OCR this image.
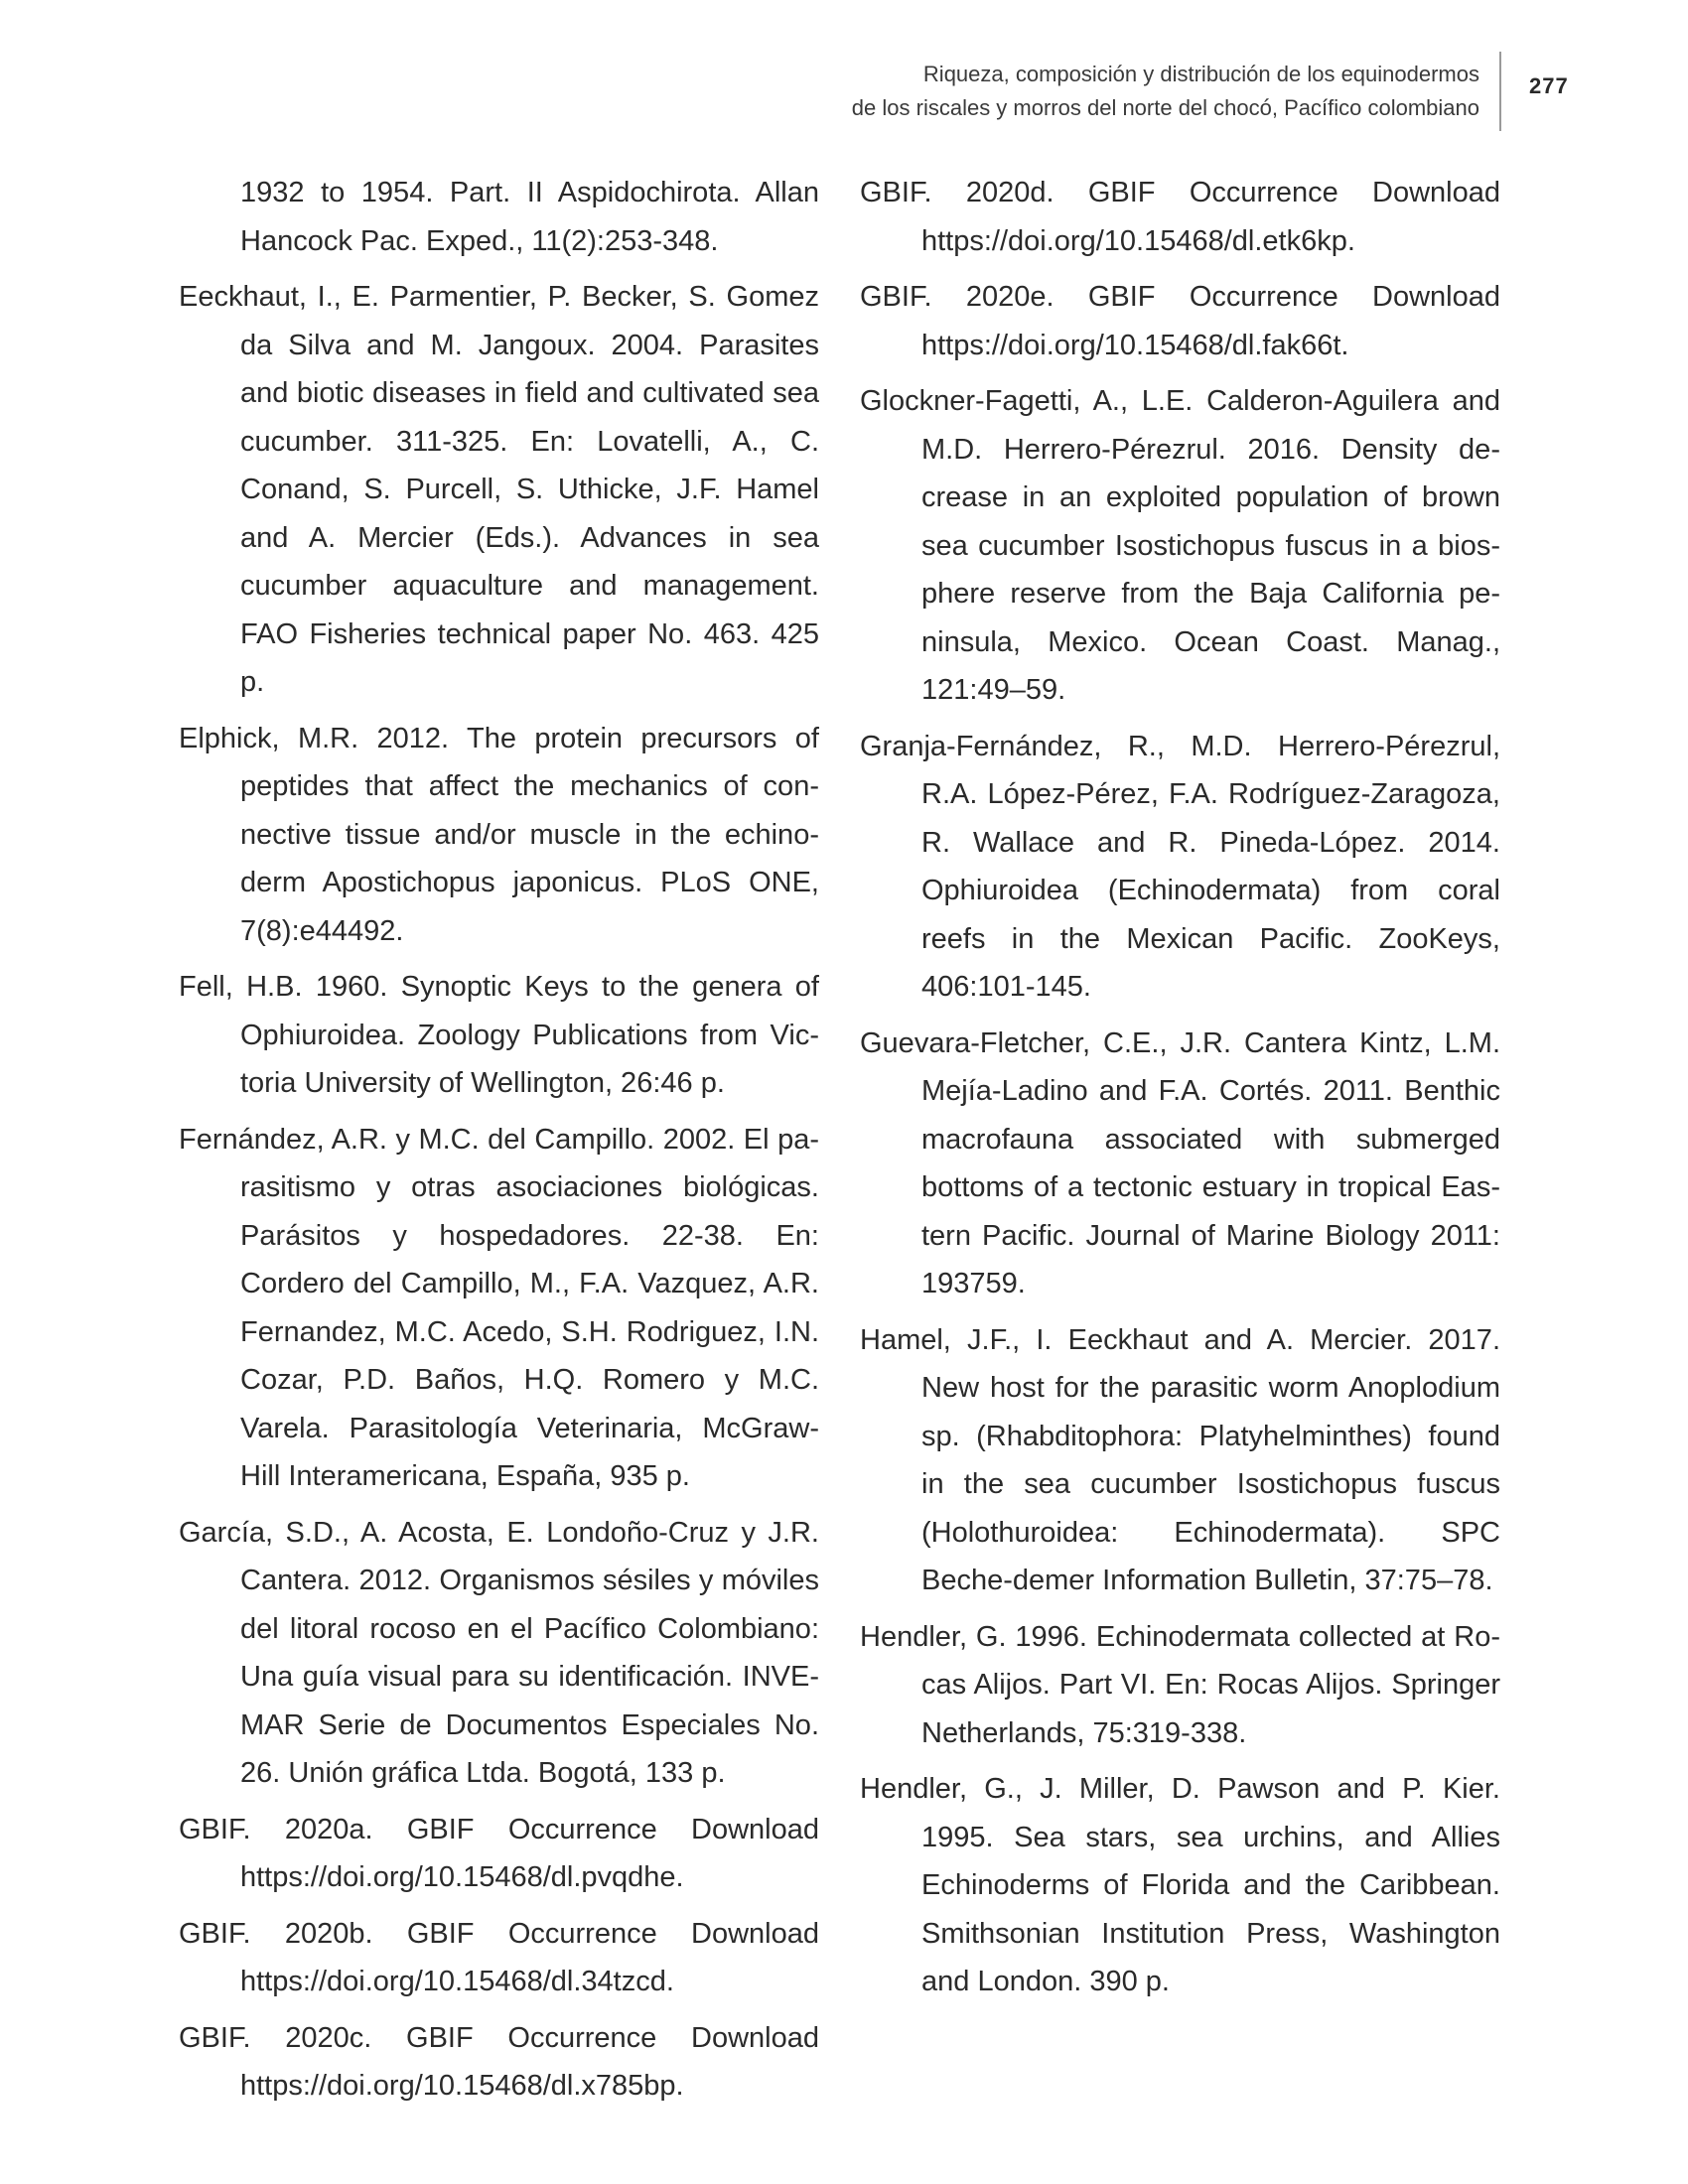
Riqueza, composición y distribución de los equinodermos
de los riscales y morros del norte del chocó, Pacífico colombiano
277

1932 to 1954. Part. II Aspidochirota. Allan Hancock Pac. Exped., 11(2):253-348.

Eeckhaut, I., E. Parmentier, P. Becker, S. Gomez da Silva and M. Jangoux. 2004. Parasites and biotic diseases in field and cultivated sea cucumber. 311-325. En: Lovatelli, A., C. Conand, S. Purcell, S. Uthicke, J.F. Hamel and A. Mercier (Eds.). Advances in sea cucumber aquaculture and management. FAO Fisheries technical paper No. 463. 425 p.

Elphick, M.R. 2012. The protein precursors of peptides that affect the mechanics of connective tissue and/or muscle in the echinoderm Apostichopus japonicus. PLoS ONE, 7(8):e44492.

Fell, H.B. 1960. Synoptic Keys to the genera of Ophiuroidea. Zoology Publications from Victoria University of Wellington, 26:46 p.

Fernández, A.R. y M.C. del Campillo. 2002. El parasitismo y otras asociaciones biológicas. Parásitos y hospedadores. 22-38. En: Cordero del Campillo, M., F.A. Vazquez, A.R. Fernandez, M.C. Acedo, S.H. Rodriguez, I.N. Cozar, P.D. Baños, H.Q. Romero y M.C. Varela. Parasitología Veterinaria, McGraw-Hill Interamericana, España, 935 p.

García, S.D., A. Acosta, E. Londoño-Cruz y J.R. Cantera. 2012. Organismos sésiles y móviles del litoral rocoso en el Pacífico Colombiano: Una guía visual para su identificación. INVEMAR Serie de Documentos Especiales No. 26. Unión gráfica Ltda. Bogotá, 133 p.

GBIF. 2020a. GBIF Occurrence Download https://doi.org/10.15468/dl.pvqdhe.

GBIF. 2020b. GBIF Occurrence Download https://doi.org/10.15468/dl.34tzcd.

GBIF. 2020c. GBIF Occurrence Download https://doi.org/10.15468/dl.x785bp.

GBIF. 2020d. GBIF Occurrence Download https://doi.org/10.15468/dl.etk6kp.

GBIF. 2020e. GBIF Occurrence Download https://doi.org/10.15468/dl.fak66t.

Glockner-Fagetti, A., L.E. Calderon-Aguilera and M.D. Herrero-Pérezrul. 2016. Density decrease in an exploited population of brown sea cucumber Isostichopus fuscus in a biosphere reserve from the Baja California peninsula, Mexico. Ocean Coast. Manag., 121:49–59.

Granja-Fernández, R., M.D. Herrero-Pérezrul, R.A. López-Pérez, F.A. Rodríguez-Zaragoza, R. Wallace and R. Pineda-López. 2014. Ophiuroidea (Echinodermata) from coral reefs in the Mexican Pacific. ZooKeys, 406:101-145.

Guevara-Fletcher, C.E., J.R. Cantera Kintz, L.M. Mejía-Ladino and F.A. Cortés. 2011. Benthic macrofauna associated with submerged bottoms of a tectonic estuary in tropical Eastern Pacific. Journal of Marine Biology 2011: 193759.

Hamel, J.F., I. Eeckhaut and A. Mercier. 2017. New host for the parasitic worm Anoplodium sp. (Rhabditophora: Platyhelminthes) found in the sea cucumber Isostichopus fuscus (Holothuroidea: Echinodermata). SPC Beche-demer Information Bulletin, 37:75–78.

Hendler, G. 1996. Echinodermata collected at Rocas Alijos. Part VI. En: Rocas Alijos. Springer Netherlands, 75:319-338.

Hendler, G., J. Miller, D. Pawson and P. Kier. 1995. Sea stars, sea urchins, and Allies Echinoderms of Florida and the Caribbean. Smithsonian Institution Press, Washington and London. 390 p.
